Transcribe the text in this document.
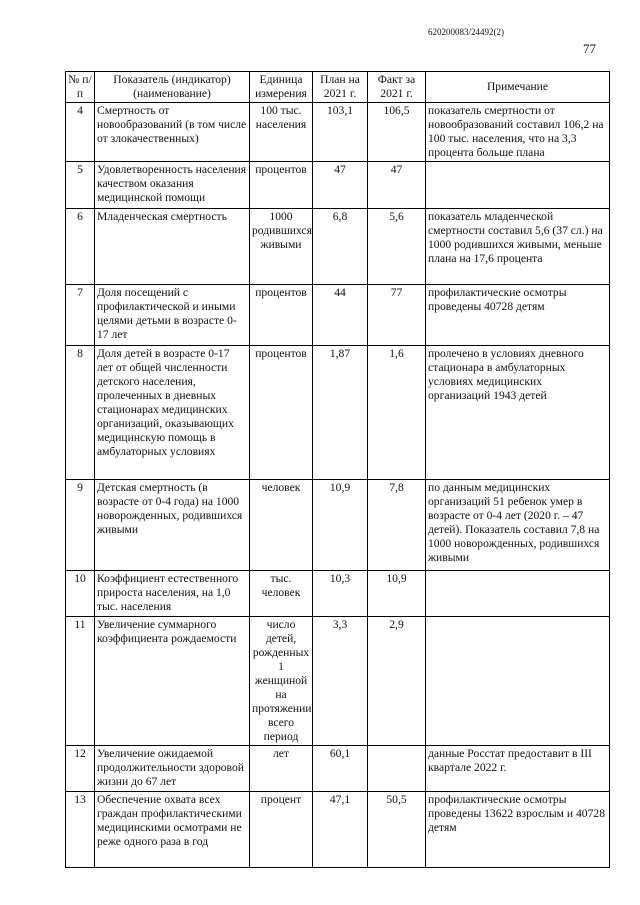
620200083/24492(2)
77
№ п/п	Показатель (индикатор) (наименование)	Единица измерения	План на 2021 г.	Факт за 2021 г.	Примечание
4	Смертность от новообразований (в том числе от злокачественных)	100 тыс. населения	103,1	106,5	показатель смертности от новообразований составил 106,2 на 100 тыс. населения, что на 3,3 процента больше плана
5	Удовлетворенность населения качеством оказания медицинской помощи	процентов	47	47	
6	Младенческая смертность	1000 родившихся живыми	6,8	5,6	показатель младенческой смертности составил 5,6 (37 сл.) на 1000 родившихся живыми, меньше плана на 17,6 процента
7	Доля посещений с профилактической и иными целями детьми в возрасте 0-17 лет	процентов	44	77	профилактические осмотры проведены 40728 детям
8	Доля детей в возрасте 0-17 лет от общей численности детского населения, пролеченных в дневных стационарах медицинских организаций, оказывающих медицинскую помощь в амбулаторных условиях	процентов	1,87	1,6	пролечено в условиях дневного стационара в амбулаторных условиях медицинских организаций 1943 детей
9	Детская смертность (в возрасте от 0-4 года) на 1000 новорожденных, родившихся живыми	человек	10,9	7,8	по данным медицинских организаций 51 ребенок умер в возрасте от 0-4 лет (2020 г. – 47 детей). Показатель составил 7,8 на 1000 новорожденных, родившихся живыми
10	Коэффициент естественного прироста населения, на 1,0 тыс. населения	тыс. человек	10,3	10,9	
11	Увеличение суммарного коэффициента рождаемости	число детей, рожденных 1 женщиной на протяжении всего период	3,3	2,9	
12	Увеличение ожидаемой продолжительности здоровой жизни до 67 лет	лет	60,1		данные Росстат предоставит в III квартале 2022 г.
13	Обеспечение охвата всех граждан профилактическими медицинскими осмотрами не реже одного раза в год	процент	47,1	50,5	профилактические осмотры проведены 13622 взрослым и 40728 детям
